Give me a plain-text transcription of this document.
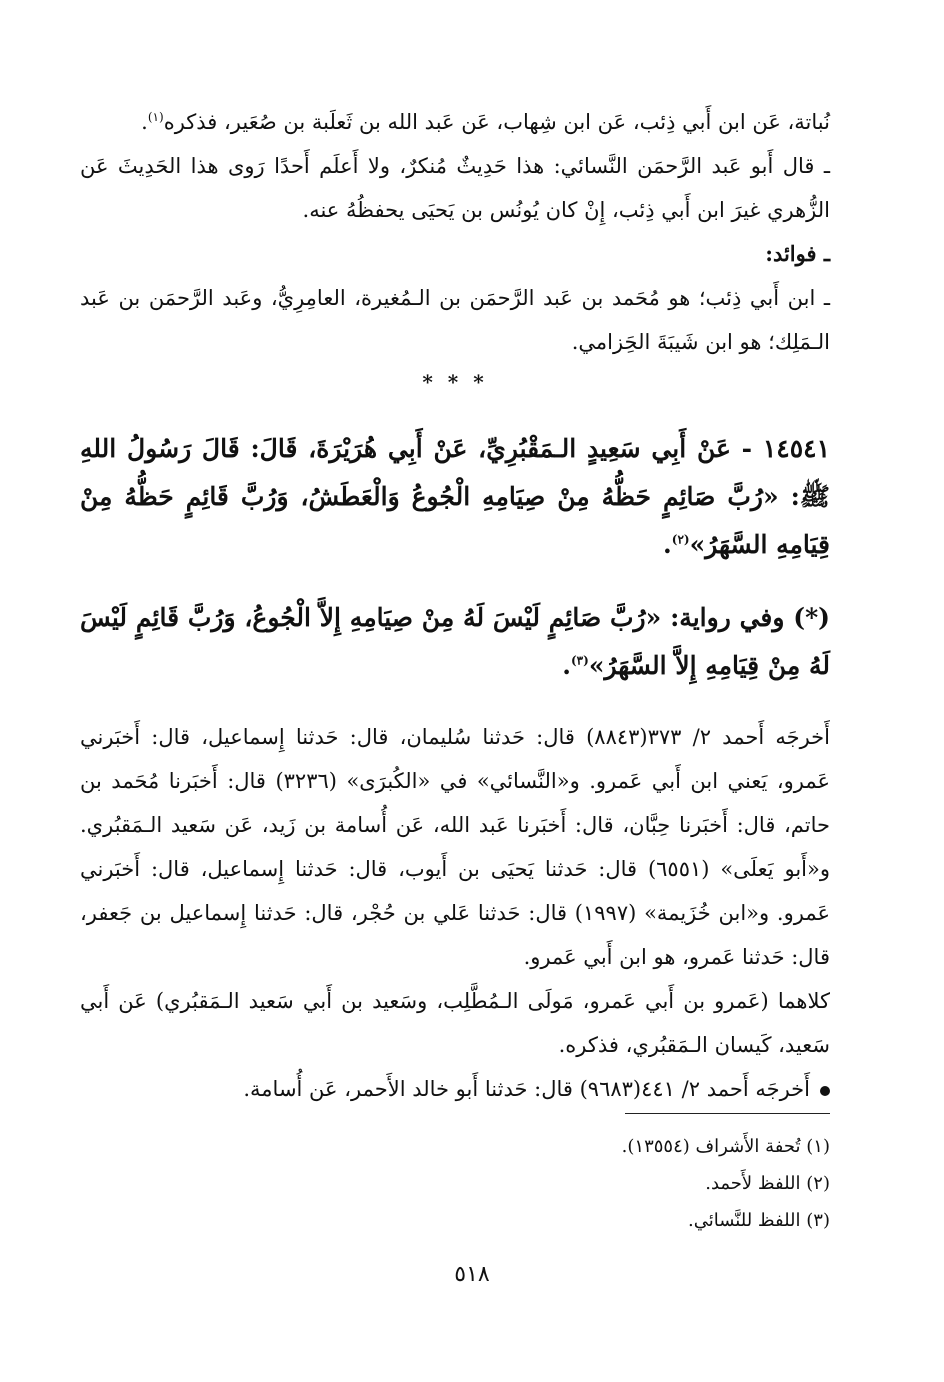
نُباتة، عَن ابن أَبي ذِئب، عَن ابن شِهاب، عَن عَبد الله بن ثَعلَبة بن صُعَير، فذكره$^{(١)}$.

ـ قال أَبو عَبد الرَّحمَن النَّسائي: هذا حَدِيثٌ مُنكرٌ، ولا أَعلَم أَحدًا رَوى هذا الحَدِيثَ عَن الزُّهري غيرَ ابن أَبي ذِئب، إِنْ كان يُونُس بن يَحيَى يحفظُهُ عنه.

ـ فوائد:

ـ ابن أَبي ذِئب؛ هو مُحَمد بن عَبد الرَّحمَن بن الـمُغيرة، العامِرِيُّ، وعَبد الرَّحمَن بن عَبد الـمَلِك؛ هو ابن شَيبَةَ الحَِزامي.

* * *

١٤٥٤١ - عَنْ أَبِي سَعِيدٍ الـمَقْبُرِيِّ، عَنْ أَبِي هُرَيْرَةَ، قَالَ: قَالَ رَسُولُ اللهِ ﷺ: «رُبَّ صَائِمٍ حَظُّهُ مِنْ صِيَامِهِ الْجُوعُ وَالْعَطَشُ، وَرُبَّ قَائِمٍ حَظُّهُ مِنْ قِيَامِهِ السَّهَرُ»$^{(٢)}$.

(*) وفي رواية: «رُبَّ صَائِمٍ لَيْسَ لَهُ مِنْ صِيَامِهِ إِلاَّ الْجُوعُ، وَرُبَّ قَائِمٍ لَيْسَ لَهُ مِنْ قِيَامِهِ إِلاَّ السَّهَرُ»$^{(٣)}$.

أَخرجَه أَحمد ٢/ ٣٧٣(٨٨٤٣) قال: حَدثنا سُليمان، قال: حَدثنا إِسماعيل، قال: أَخبَرني عَمرو، يَعني ابن أَبي عَمرو. و«النَّسائي» في «الكُبرَى» (٣٢٣٦) قال: أَخبَرنا مُحَمد بن حاتم، قال: أَخبَرنا حِبَّان، قال: أَخبَرنا عَبد الله، عَن أُسامة بن زَيد، عَن سَعيد الـمَقبُري. و«أَبو يَعلَى» (٦٥٥١) قال: حَدثنا يَحيَى بن أَيوب، قال: حَدثنا إِسماعيل، قال: أَخبَرني عَمرو. و«ابن خُزَيمة» (١٩٩٧) قال: حَدثنا عَلي بن حُجْر، قال: حَدثنا إِسماعيل بن جَعفر، قال: حَدثنا عَمرو، هو ابن أَبي عَمرو.

كلاهما (عَمرو بن أَبي عَمرو، مَولَى الـمُطَّلِب، وسَعيد بن أَبي سَعيد الـمَقبُري) عَن أَبي سَعيد، كَيسان الـمَقبُري، فذكره.

أَخرجَه أَحمد ٢/ ٤٤١(٩٦٨٣) قال: حَدثنا أَبو خالد الأَحمر، عَن أُسامة.

(١) تُحفة الأَشراف (١٣٥٥٤).

(٢) اللفظ لأَحمد.

(٣) اللفظ للنَّسائي.

٥١٨
